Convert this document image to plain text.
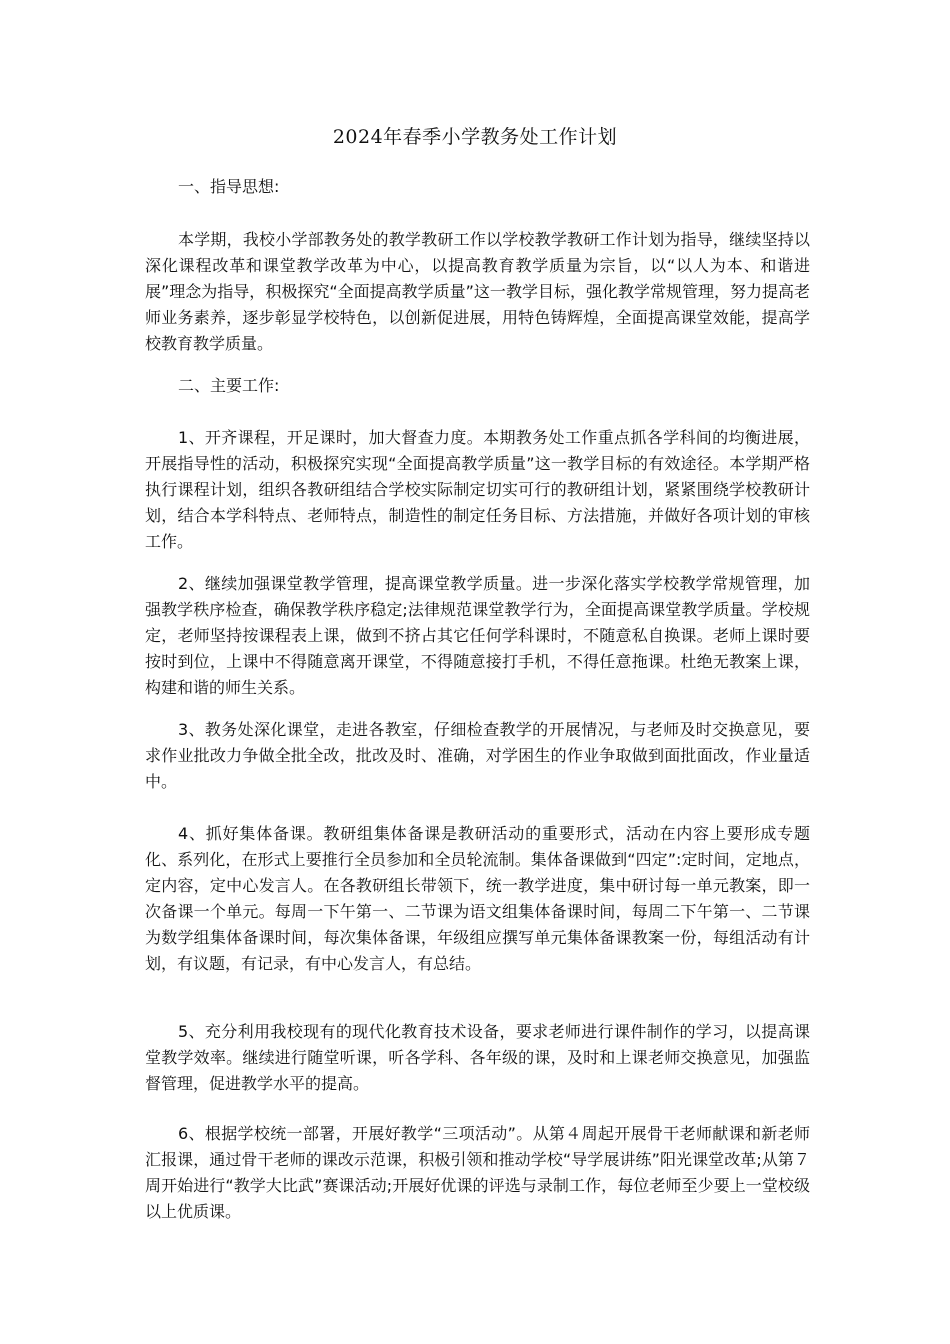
2024年春季小学教务处工作计划
一、指导思想:

本学期，我校小学部教务处的教学教研工作以学校教学教研工作计划为指导，继续坚持以深化课程改革和课堂教学改革为中心，以提高教育教学质量为宗旨，以“以人为本、和谐进展”理念为指导，积极探究“全面提高教学质量”这一教学目标，强化教学常规管理，努力提高老师业务素养，逐步彰显学校特色，以创新促进展，用特色铸辉煌，全面提高课堂效能，提高学校教育教学质量。

二、主要工作:

1、开齐课程，开足课时，加大督查力度。本期教务处工作重点抓各学科间的均衡进展，开展指导性的活动，积极探究实现“全面提高教学质量”这一教学目标的有效途径。本学期严格执行课程计划，组织各教研组结合学校实际制定切实可行的教研组计划，紧紧围绕学校教研计划，结合本学科特点、老师特点，制造性的制定任务目标、方法措施，并做好各项计划的审核工作。

2、继续加强课堂教学管理，提高课堂教学质量。进一步深化落实学校教学常规管理，加强教学秩序检查，确保教学秩序稳定;法律规范课堂教学行为，全面提高课堂教学质量。学校规定，老师坚持按课程表上课，做到不挤占其它任何学科课时，不随意私自换课。老师上课时要按时到位，上课中不得随意离开课堂，不得随意接打手机，不得任意拖课。杜绝无教案上课，构建和谐的师生关系。

3、教务处深化课堂，走进各教室，仔细检查教学的开展情况，与老师及时交换意见，要求作业批改力争做全批全改，批改及时、准确，对学困生的作业争取做到面批面改，作业量适中。

4、抓好集体备课。教研组集体备课是教研活动的重要形式，活动在内容上要形成专题化、系列化，在形式上要推行全员参加和全员轮流制。集体备课做到“四定”:定时间，定地点，定内容，定中心发言人。在各教研组长带领下，统一教学进度，集中研讨每一单元教案，即一次备课一个单元。每周一下午第一、二节课为语文组集体备课时间，每周二下午第一、二节课为数学组集体备课时间，每次集体备课，年级组应撰写单元集体备课教案一份，每组活动有计划，有议题，有记录，有中心发言人，有总结。

5、充分利用我校现有的现代化教育技术设备，要求老师进行课件制作的学习，以提高课堂教学效率。继续进行随堂听课，听各学科、各年级的课，及时和上课老师交换意见，加强监督管理，促进教学水平的提高。

6、根据学校统一部署，开展好教学“三项活动”。从第４周起开展骨干老师献课和新老师汇报课，通过骨干老师的课改示范课，积极引领和推动学校“导学展讲练”阳光课堂改革;从第７周开始进行“教学大比武”赛课活动;开展好优课的评选与录制工作，每位老师至少要上一堂校级以上优质课。
